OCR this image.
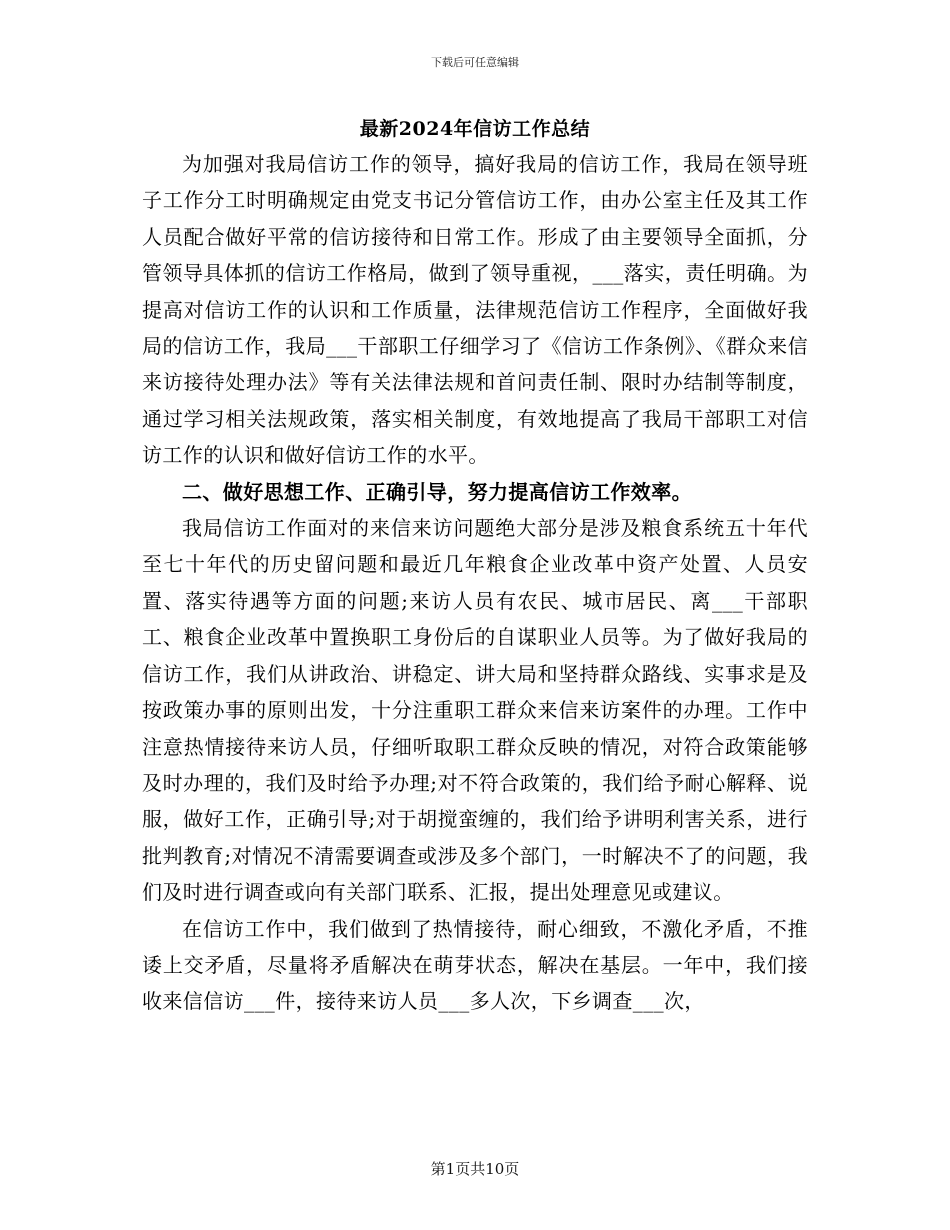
下载后可任意编辑
最新2024年信访工作总结

为加强对我局信访工作的领导，搞好我局的信访工作，我局在领导班子工作分工时明确规定由党支书记分管信访工作，由办公室主任及其工作人员配合做好平常的信访接待和日常工作。形成了由主要领导全面抓，分管领导具体抓的信访工作格局，做到了领导重视，___落实，责任明确。为提高对信访工作的认识和工作质量，法律规范信访工作程序，全面做好我局的信访工作，我局___干部职工仔细学习了《信访工作条例》、《群众来信来访接待处理办法》等有关法律法规和首问责任制、限时办结制等制度，通过学习相关法规政策，落实相关制度，有效地提高了我局干部职工对信访工作的认识和做好信访工作的水平。

二、做好思想工作、正确引导，努力提高信访工作效率。

我局信访工作面对的来信来访问题绝大部分是涉及粮食系统五十年代至七十年代的历史留问题和最近几年粮食企业改革中资产处置、人员安置、落实待遇等方面的问题;来访人员有农民、城市居民、离___干部职工、粮食企业改革中置换职工身份后的自谋职业人员等。为了做好我局的信访工作，我们从讲政治、讲稳定、讲大局和坚持群众路线、实事求是及按政策办事的原则出发，十分注重职工群众来信来访案件的办理。工作中注意热情接待来访人员，仔细听取职工群众反映的情况，对符合政策能够及时办理的，我们及时给予办理;对不符合政策的，我们给予耐心解释、说服，做好工作，正确引导;对于胡搅蛮缠的，我们给予讲明利害关系，进行批判教育;对情况不清需要调查或涉及多个部门，一时解决不了的问题，我们及时进行调查或向有关部门联系、汇报，提出处理意见或建议。

在信访工作中，我们做到了热情接待，耐心细致，不激化矛盾，不推诿上交矛盾，尽量将矛盾解决在萌芽状态，解决在基层。一年中，我们接收来信信访___件，接待来访人员___多人次，下乡调查___次，

第1页共10页
